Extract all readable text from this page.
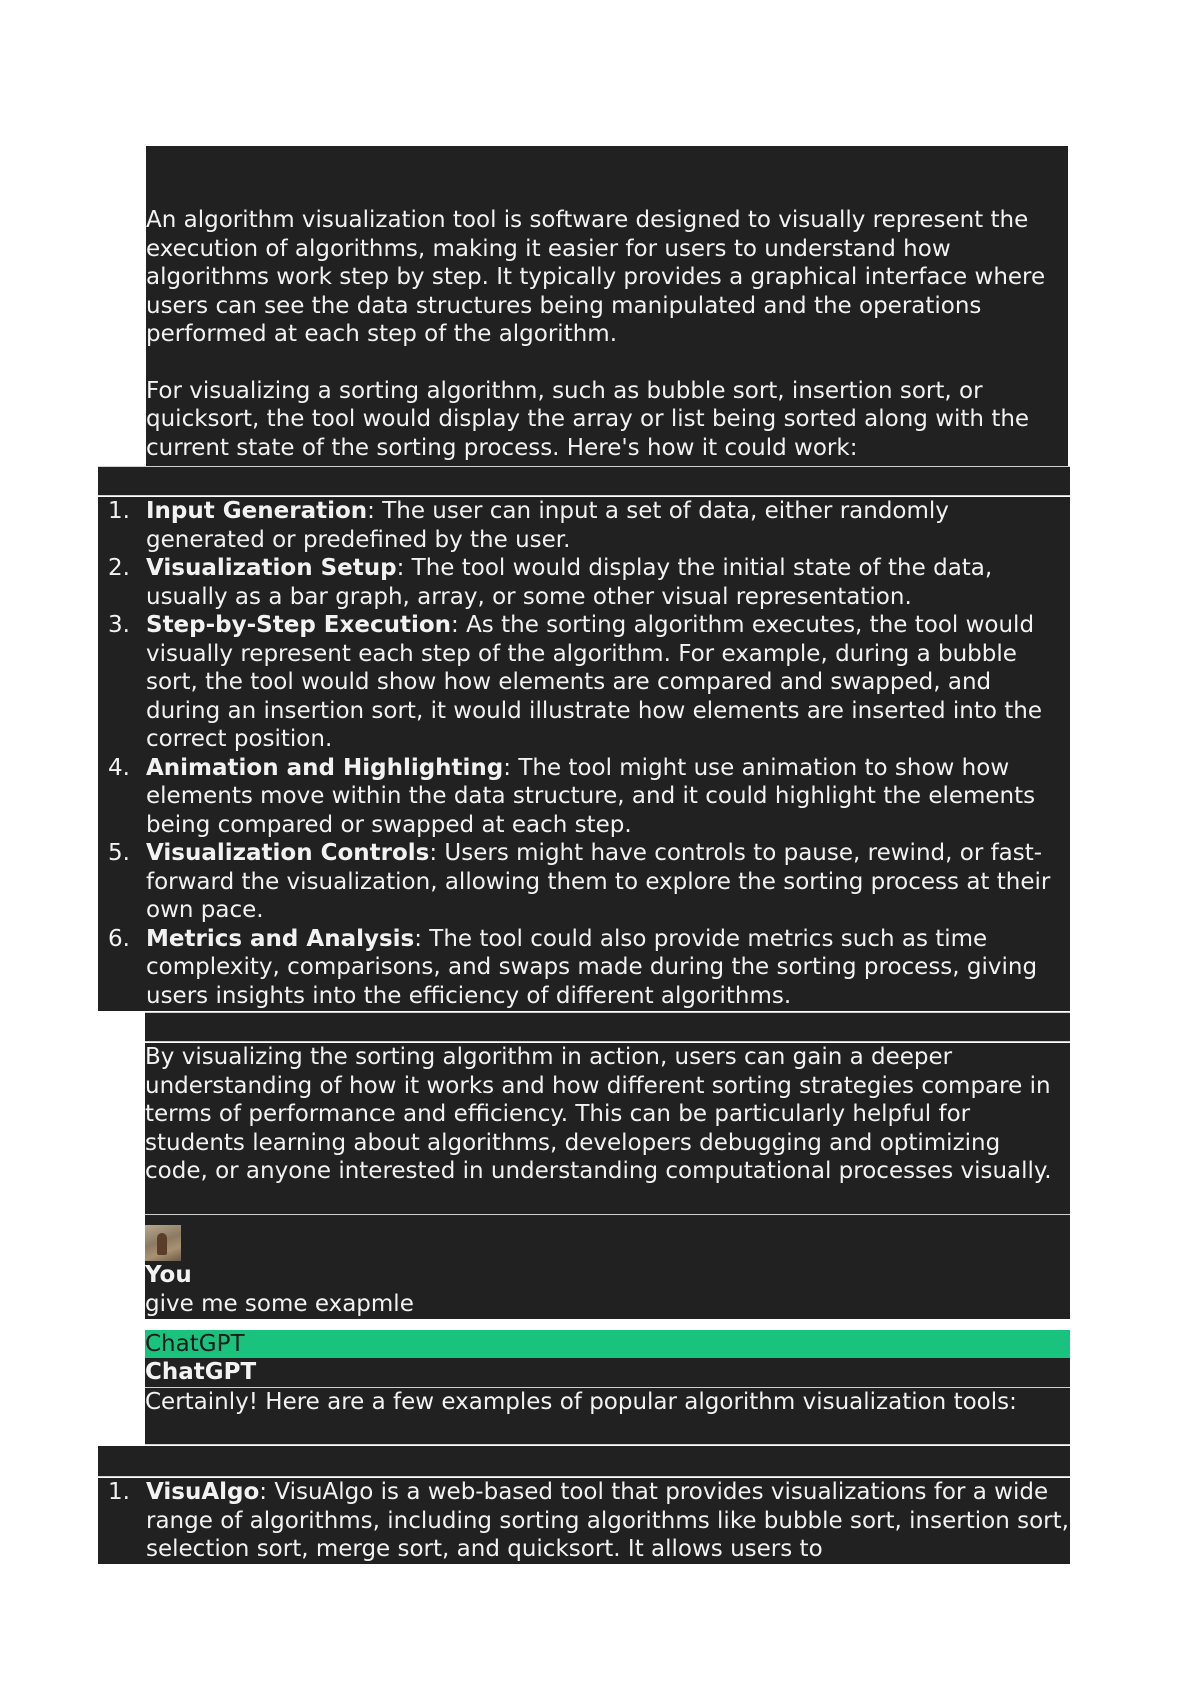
An algorithm visualization tool is software designed to visually represent the execution of algorithms, making it easier for users to understand how algorithms work step by step. It typically provides a graphical interface where users can see the data structures being manipulated and the operations performed at each step of the algorithm.

For visualizing a sorting algorithm, such as bubble sort, insertion sort, or quicksort, the tool would display the array or list being sorted along with the current state of the sorting process. Here's how it could work:

1. Input Generation: The user can input a set of data, either randomly generated or predefined by the user.
2. Visualization Setup: The tool would display the initial state of the data, usually as a bar graph, array, or some other visual representation.
3. Step-by-Step Execution: As the sorting algorithm executes, the tool would visually represent each step of the algorithm. For example, during a bubble sort, the tool would show how elements are compared and swapped, and during an insertion sort, it would illustrate how elements are inserted into the correct position.
4. Animation and Highlighting: The tool might use animation to show how elements move within the data structure, and it could highlight the elements being compared or swapped at each step.
5. Visualization Controls: Users might have controls to pause, rewind, or fast-forward the visualization, allowing them to explore the sorting process at their own pace.
6. Metrics and Analysis: The tool could also provide metrics such as time complexity, comparisons, and swaps made during the sorting process, giving users insights into the efficiency of different algorithms.

By visualizing the sorting algorithm in action, users can gain a deeper understanding of how it works and how different sorting strategies compare in terms of performance and efficiency. This can be particularly helpful for students learning about algorithms, developers debugging and optimizing code, or anyone interested in understanding computational processes visually.

You
give me some exapmle
ChatGPT
ChatGPT

Certainly! Here are a few examples of popular algorithm visualization tools:

1. VisuAlgo: VisuAlgo is a web-based tool that provides visualizations for a wide range of algorithms, including sorting algorithms like bubble sort, insertion sort, selection sort, merge sort, and quicksort. It allows users to
